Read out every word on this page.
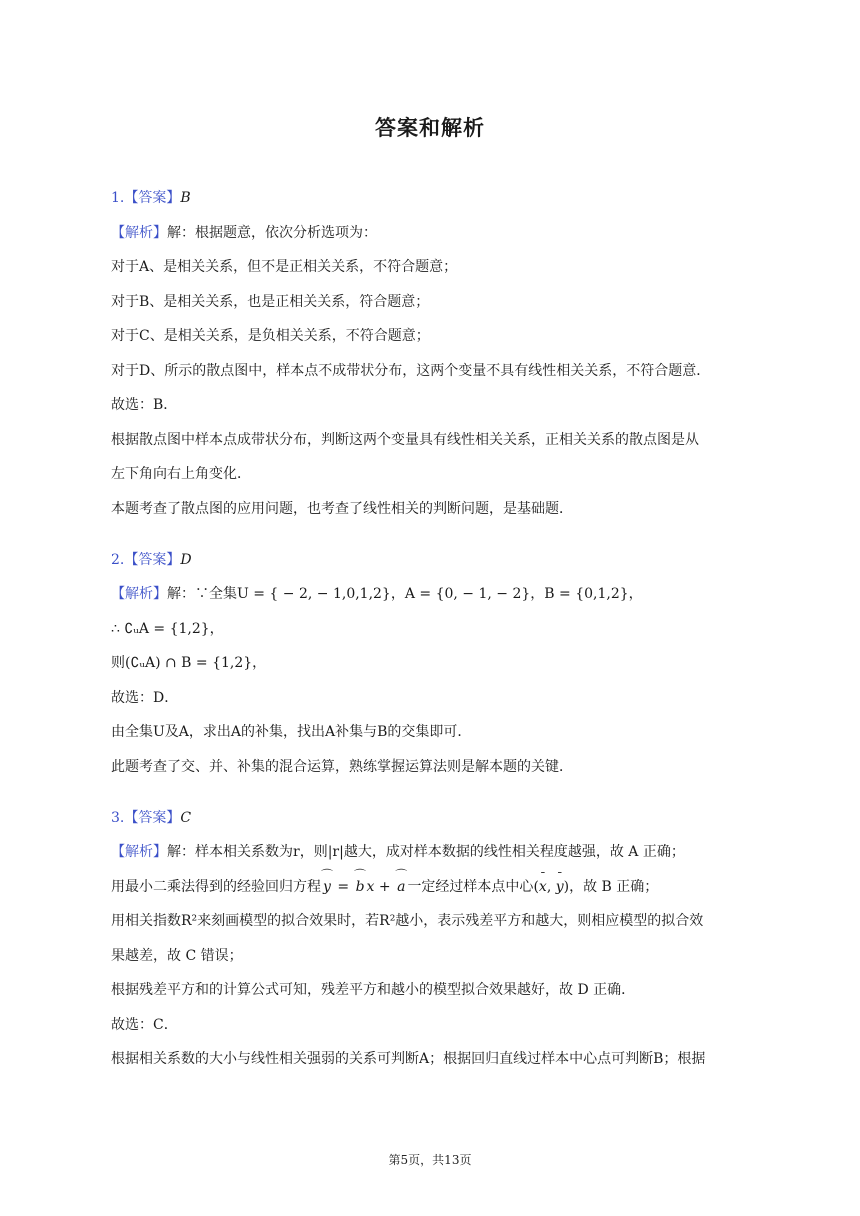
答案和解析
1.【答案】B
【解析】解：根据题意，依次分析选项为：
对于A、是相关关系，但不是正相关关系，不符合题意；
对于B、是相关关系，也是正相关关系，符合题意；
对于C、是相关关系，是负相关关系，不符合题意；
对于D、所示的散点图中，样本点不成带状分布，这两个变量不具有线性相关关系，不符合题意．
故选：B．
根据散点图中样本点成带状分布，判断这两个变量具有线性相关关系，正相关关系的散点图是从
左下角向右上角变化．
本题考查了散点图的应用问题，也考查了线性相关的判断问题，是基础题．
2.【答案】D
【解析】解：∵全集U = { − 2, − 1,0,1,2}，A = {0, − 1, − 2}，B = {0,1,2}，
∴ ∁ᵤA = {1,2}，
则(∁ᵤA) ∩ B = {1,2}，
故选：D．
由全集U及A，求出A的补集，找出A补集与B的交集即可．
此题考查了交、并、补集的混合运算，熟练掌握运算法则是解本题的关键．
3.【答案】C
【解析】解：样本相关系数为r，则|r|越大，成对样本数据的线性相关程度越强，故 A 正确；
用最小二乘法得到的经验回归方程⌒ y = ⌒ b x + ⌒ a 一定经过样本点中心(¯ x, ¯ y)，故 B 正确；
用相关指数R²来刻画模型的拟合效果时，若R²越小，表示残差平方和越大，则相应模型的拟合效
果越差，故 C 错误；
根据残差平方和的计算公式可知，残差平方和越小的模型拟合效果越好，故 D 正确．
故选：C．
根据相关系数的大小与线性相关强弱的关系可判断A；根据回归直线过样本中心点可判断B；根据
第5页，共13页
